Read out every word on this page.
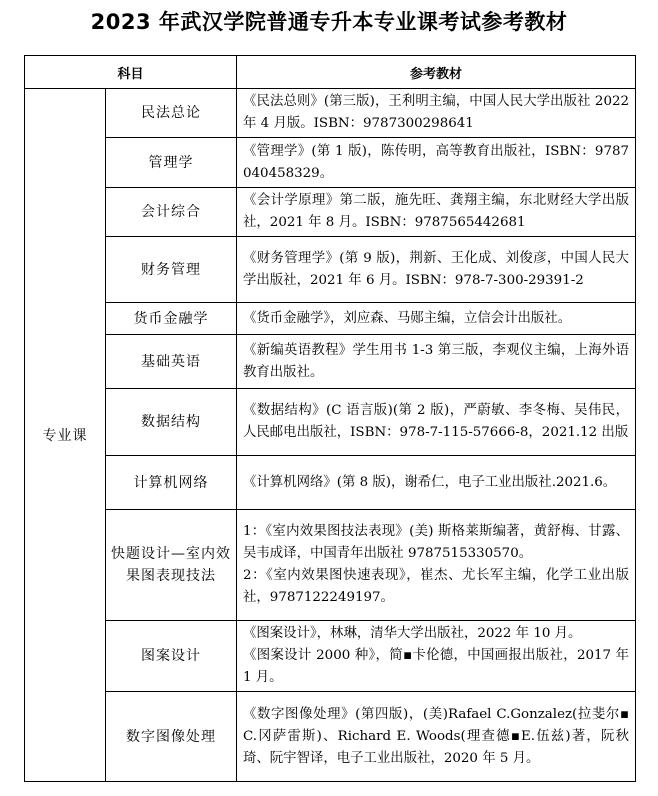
2023 年武汉学院普通专升本专业课考试参考教材
科目		参考教材
专业课	民法总论	《民法总则》(第三版)，王利明主编，中国人民大学出版社 2022 年 4 月版。ISBN：9787300298641

	管理学	《管理学》(第 1 版)，陈传明，高等教育出版社，ISBN：9787040458329。

	会计综合	《会计学原理》第二版，施先旺、龚翔主编，东北财经大学出版社，2021 年 8 月。ISBN：9787565442681

	财务管理	《财务管理学》(第 9 版)，荆新、王化成、刘俊彦，中国人民大学出版社，2021 年 6 月。ISBN：978-7-300-29391-2

	货币金融学	《货币金融学》，刘应森、马郧主编，立信会计出版社。

	基础英语	《新编英语教程》学生用书 1-3 第三版，李观仪主编，上海外语教育出版社。

	数据结构	《数据结构》(C 语言版)(第 2 版)，严蔚敏、李冬梅、吴伟民，人民邮电出版社，ISBN：978-7-115-57666-8，2021.12 出版

	计算机网络	《计算机网络》(第 8 版)，谢希仁，电子工业出版社.2021.6。

	快题设计—室内效果图表现技法	1：《室内效果图技法表现》(美) 斯格莱斯编著，黄舒梅、甘露、吴韦成译，中国青年出版社 9787515330570。
2：《室内效果图快速表现》，崔杰、尤长军主编，化学工业出版社，9787122249197。

	图案设计	《图案设计》，林琳，清华大学出版社，2022 年 10 月。
《图案设计 2000 种》，简▪卡伦德，中国画报出版社，2017 年 1 月。

	数字图像处理	《数字图像处理》(第四版)，(美)Rafael C.Gonzalez(拉斐尔▪C.冈萨雷斯)、Richard E. Woods(理查德▪E.伍兹)著，阮秋琦、阮宇智译，电子工业出版社，2020 年 5 月。
